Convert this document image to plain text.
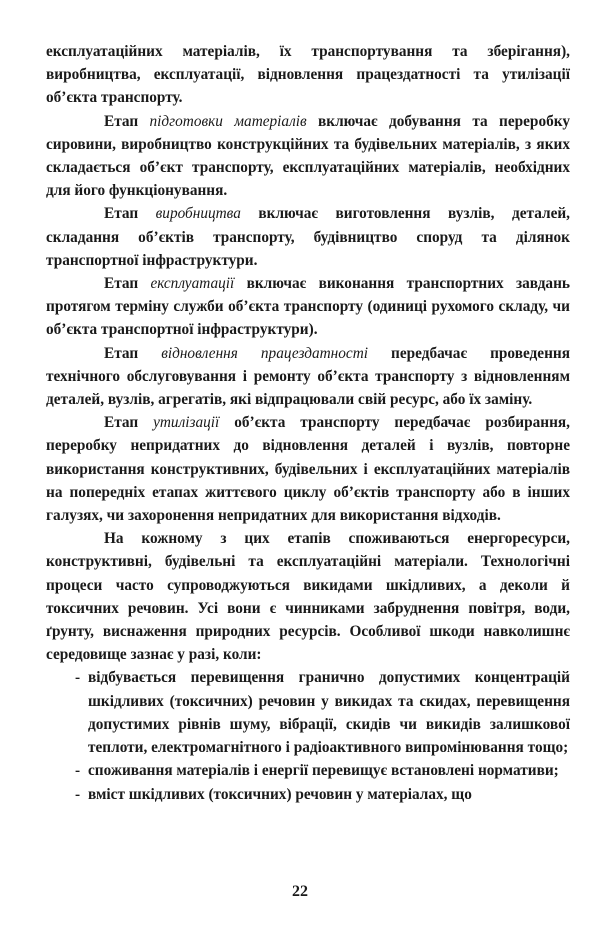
експлуатаційних матеріалів, їх транспортування та зберігання), виробництва, експлуатації, відновлення працездатності та утилізації об’єкта транспорту.

Етап підготовки матеріалів включає добування та переробку сировини, виробництво конструкційних та будівельних матеріалів, з яких складається об’єкт транспорту, експлуатаційних матеріалів, необхідних для його функціонування.

Етап виробництва включає виготовлення вузлів, деталей, складання об’єктів транспорту, будівництво споруд та ділянок транспортної інфраструктури.

Етап експлуатації включає виконання транспортних завдань протягом терміну служби об’єкта транспорту (одиниці рухомого складу, чи об’єкта транспортної інфраструктури).

Етап відновлення працездатності передбачає проведення технічного обслуговування і ремонту об’єкта транспорту з відновленням деталей, вузлів, агрегатів, які відпрацювали свій ресурс, або їх заміну.

Етап утилізації об’єкта транспорту передбачає розбирання, переробку непридатних до відновлення деталей і вузлів, повторне використання конструктивних, будівельних і експлуатаційних матеріалів на попередніх етапах життєвого циклу об’єктів транспорту або в інших галузях, чи захоронення непридатних для використання відходів.

На кожному з цих етапів споживаються енергоресурси, конструктивні, будівельні та експлуатаційні матеріали. Технологічні процеси часто супроводжуються викидами шкідливих, а деколи й токсичних речовин. Усі вони є чинниками забруднення повітря, води, ґрунту, виснаження природних ресурсів. Особливої шкоди навколишнє середовище зазнає у разі, коли:

- відбувається перевищення гранично допустимих концентрацій шкідливих (токсичних) речовин у викидах та скидах, перевищення допустимих рівнів шуму, вібрації, скидів чи викидів залишкової теплоти, електромагнітного і радіоактивного випромінювання тощо;
- споживання матеріалів і енергії перевищує встановлені нормативи;
- вміст шкідливих (токсичних) речовин у матеріалах, що
22
